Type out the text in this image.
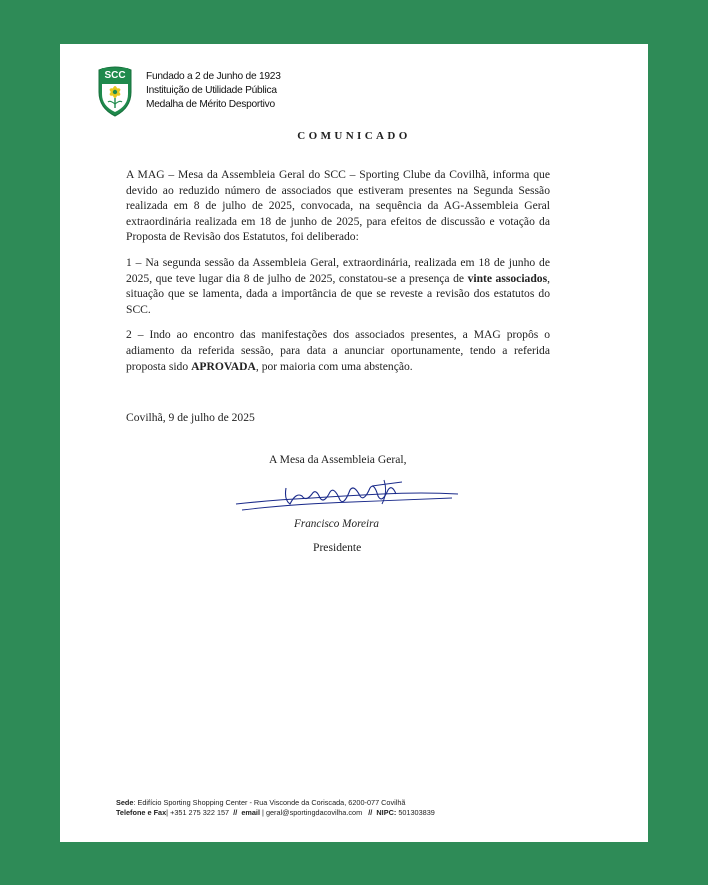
SCC Fundado a 2 de Junho de 1923
Instituição de Utilidade Pública
Medalha de Mérito Desportivo
COMUNICADO

A MAG – Mesa da Assembleia Geral do SCC – Sporting Clube da Covilhã, informa que devido ao reduzido número de associados que estiveram presentes na Segunda Sessão realizada em 8 de julho de 2025, convocada, na sequência da AG-Assembleia Geral extraordinária realizada em 18 de junho de 2025, para efeitos de discussão e votação da Proposta de Revisão dos Estatutos, foi deliberado:

1 – Na segunda sessão da Assembleia Geral, extraordinária, realizada em 18 de junho de 2025, que teve lugar dia 8 de julho de 2025, constatou-se a presença de vinte associados, situação que se lamenta, dada a importância de que se reveste a revisão dos estatutos do SCC.

2 – Indo ao encontro das manifestações dos associados presentes, a MAG propôs o adiamento da referida sessão, para data a anunciar oportunamente, tendo a referida proposta sido APROVADA, por maioria com uma abstenção.

Covilhã, 9 de julho de 2025
A Mesa da Assembleia Geral,
Francisco Moreira
Presidente
Sede: Edifício Sporting Shopping Center - Rua Visconde da Coriscada, 6200-077 Covilhã
Telefone e Fax| +351 275 322 157 // email | geral@sportingdacovilha.com // NIPC: 501303839
